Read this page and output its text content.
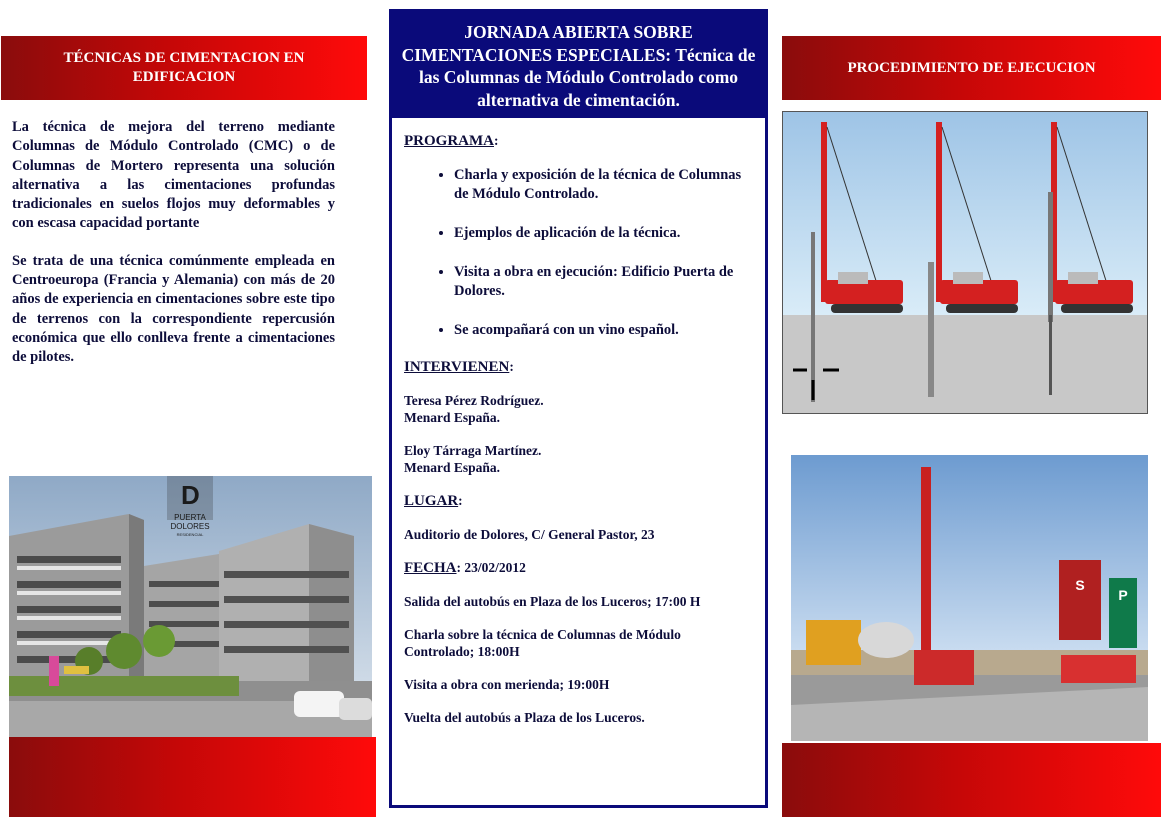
TÉCNICAS DE CIMENTACION EN EDIFICACION

La técnica de mejora del terreno mediante Columnas de Módulo Controlado (CMC) o de Columnas de Mortero representa una solución alternativa a las cimentaciones profundas tradicionales en suelos flojos muy deformables y con escasa capacidad portante

Se trata de una técnica comúnmente empleada en Centroeuropa (Francia y Alemania) con más de 20 años de experiencia en cimentaciones sobre este tipo de terrenos con la correspondiente repercusión económica que ello conlleva frente a cimentaciones de pilotes.

D
PUERTA
DOLORES
RESIDENCIAL
JORNADA ABIERTA SOBRE CIMENTACIONES ESPECIALES: Técnica de las Columnas de Módulo Controlado como alternativa de cimentación.

PROGRAMA:

• Charla y exposición de la técnica de Columnas de Módulo Controlado.
• Ejemplos de aplicación de la técnica.
• Visita a obra en ejecución: Edificio Puerta de Dolores.
• Se acompañará con un vino español.

INTERVIENEN:

Teresa Pérez Rodríguez.
Menard España.

Eloy Tárraga Martínez.
Menard España.

LUGAR:

Auditorio de Dolores, C/ General Pastor, 23

FECHA: 23/02/2012

Salida del autobús en Plaza de los Luceros; 17:00 H

Charla sobre la técnica de Columnas de Módulo Controlado; 18:00H

Visita a obra con merienda; 19:00H

Vuelta del autobús a Plaza de los Luceros.

PROCEDIMIENTO DE EJECUCION
S
P
